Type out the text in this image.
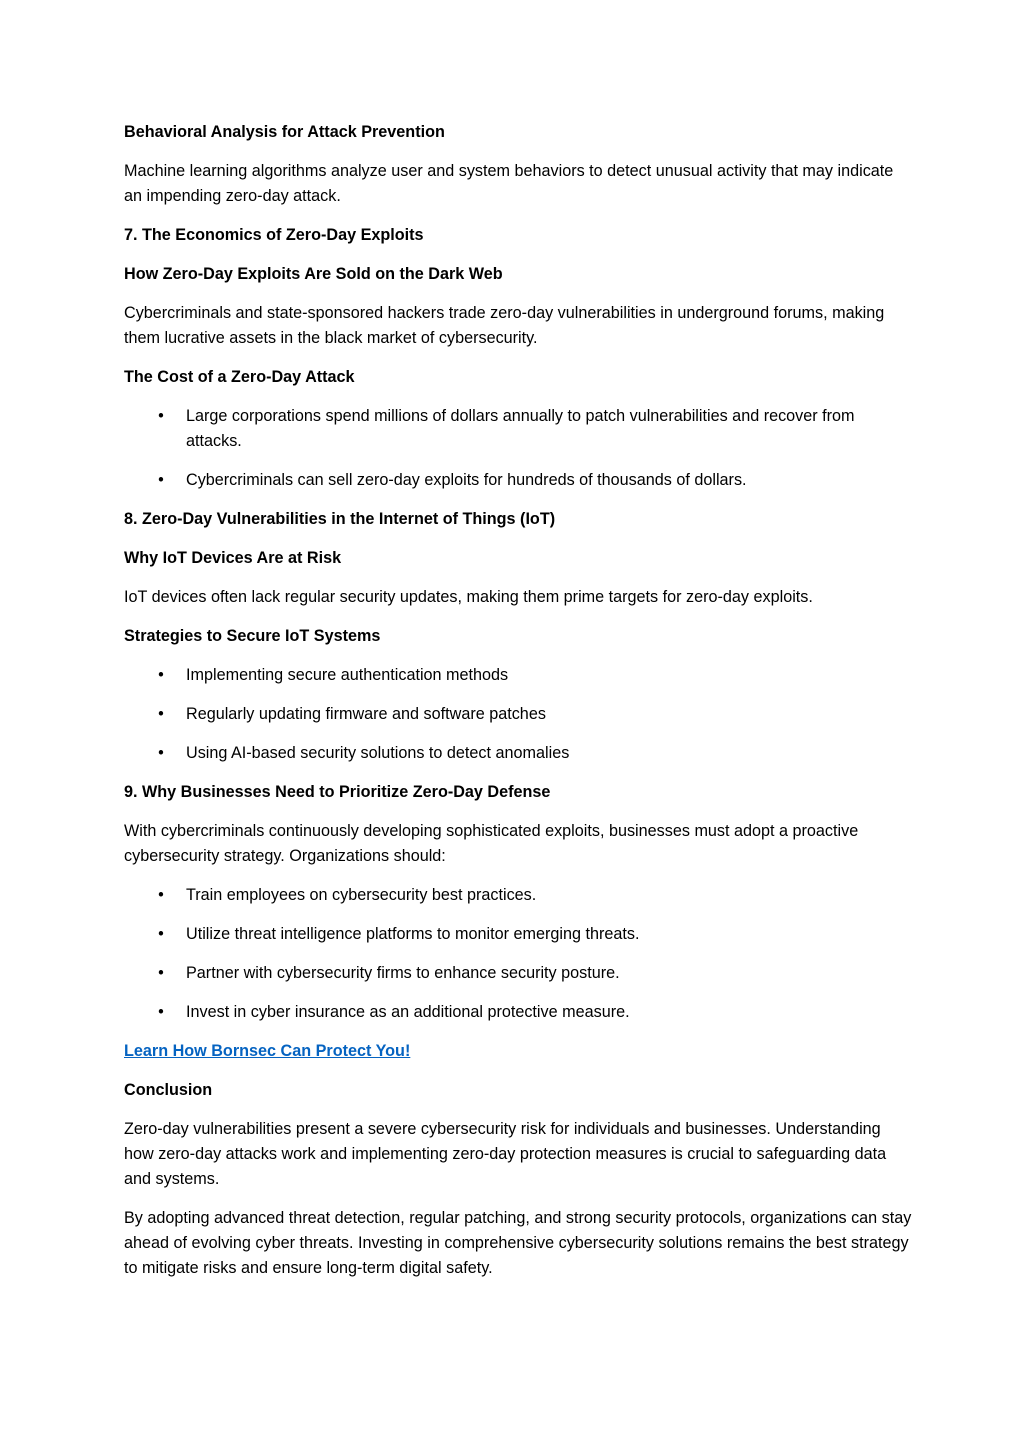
Behavioral Analysis for Attack Prevention
Machine learning algorithms analyze user and system behaviors to detect unusual activity that may indicate an impending zero-day attack.
7. The Economics of Zero-Day Exploits
How Zero-Day Exploits Are Sold on the Dark Web
Cybercriminals and state-sponsored hackers trade zero-day vulnerabilities in underground forums, making them lucrative assets in the black market of cybersecurity.
The Cost of a Zero-Day Attack
• Large corporations spend millions of dollars annually to patch vulnerabilities and recover from attacks.
• Cybercriminals can sell zero-day exploits for hundreds of thousands of dollars.
8. Zero-Day Vulnerabilities in the Internet of Things (IoT)
Why IoT Devices Are at Risk
IoT devices often lack regular security updates, making them prime targets for zero-day exploits.
Strategies to Secure IoT Systems
• Implementing secure authentication methods
• Regularly updating firmware and software patches
• Using AI-based security solutions to detect anomalies
9. Why Businesses Need to Prioritize Zero-Day Defense
With cybercriminals continuously developing sophisticated exploits, businesses must adopt a proactive cybersecurity strategy. Organizations should:
• Train employees on cybersecurity best practices.
• Utilize threat intelligence platforms to monitor emerging threats.
• Partner with cybersecurity firms to enhance security posture.
• Invest in cyber insurance as an additional protective measure.
Learn How Bornsec Can Protect You!
Conclusion
Zero-day vulnerabilities present a severe cybersecurity risk for individuals and businesses. Understanding how zero-day attacks work and implementing zero-day protection measures is crucial to safeguarding data and systems.
By adopting advanced threat detection, regular patching, and strong security protocols, organizations can stay ahead of evolving cyber threats. Investing in comprehensive cybersecurity solutions remains the best strategy to mitigate risks and ensure long-term digital safety.
